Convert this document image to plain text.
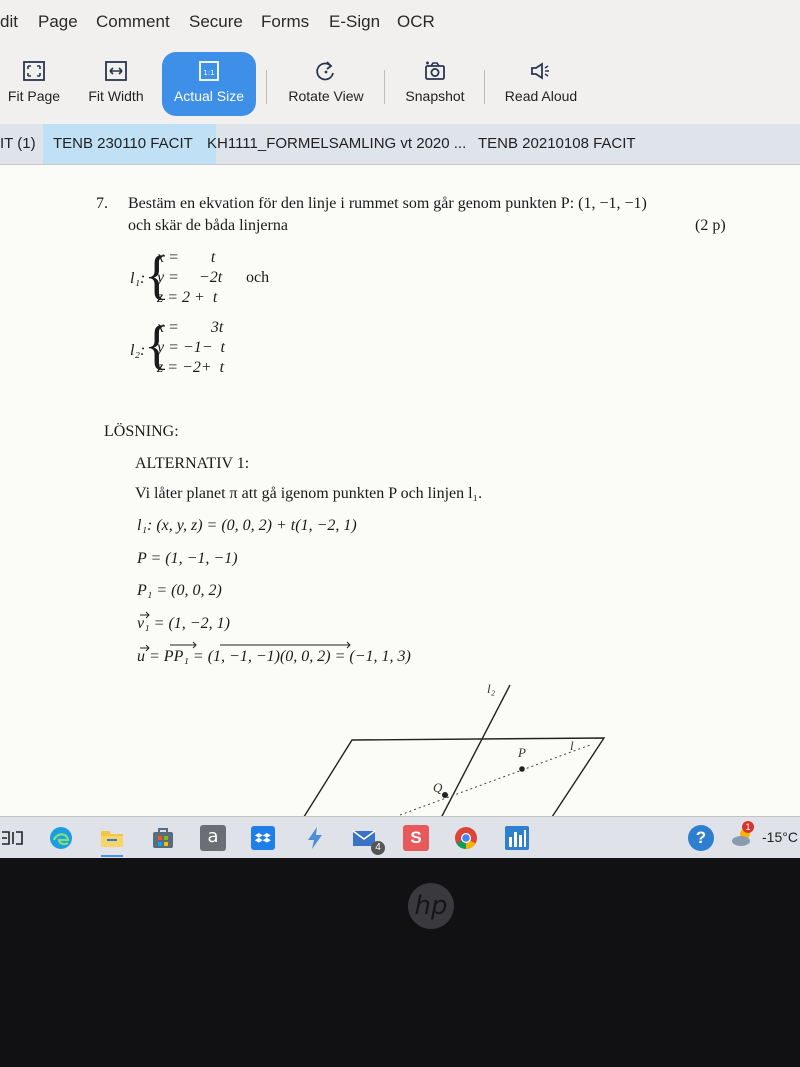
dit Page Comment Secure Forms E-Sign OCR
Fit Page	Fit Width
1:1
Actual Size	Rotate View	Snapshot	Read Aloud
IT (1)	TENB 230110 FACIT KH1111_FORMELSAMLING vt 2020 ... TENB 20210108 FACIT
7. Bestäm en ekvation för den linje i rummet som går genom punkten P: (1, −1, −1)
och skär de båda linjerna	(2 p)
l₁:
{
x =        t
y =     −2t
z = 2 +  t
och
l₂:
{
x =        3t
y = −1−  t
z = −2+  t
LÖSNING:
ALTERNATIV 1:
Vi låter planet π att gå igenom punkten P och linjen l₁.
l₁: (x, y, z) = (0, 0, 2) + t(1, −2, 1)
P = (1, −1, −1)
P₁ = (0, 0, 2)
v₁ = (1, −2, 1)
u = PP₁ = (1, −1, −1)(0, 0, 2) = (−1, 1, 3)
l₂
P	l
Q
a
4
S	?
1
-15°C
hp
